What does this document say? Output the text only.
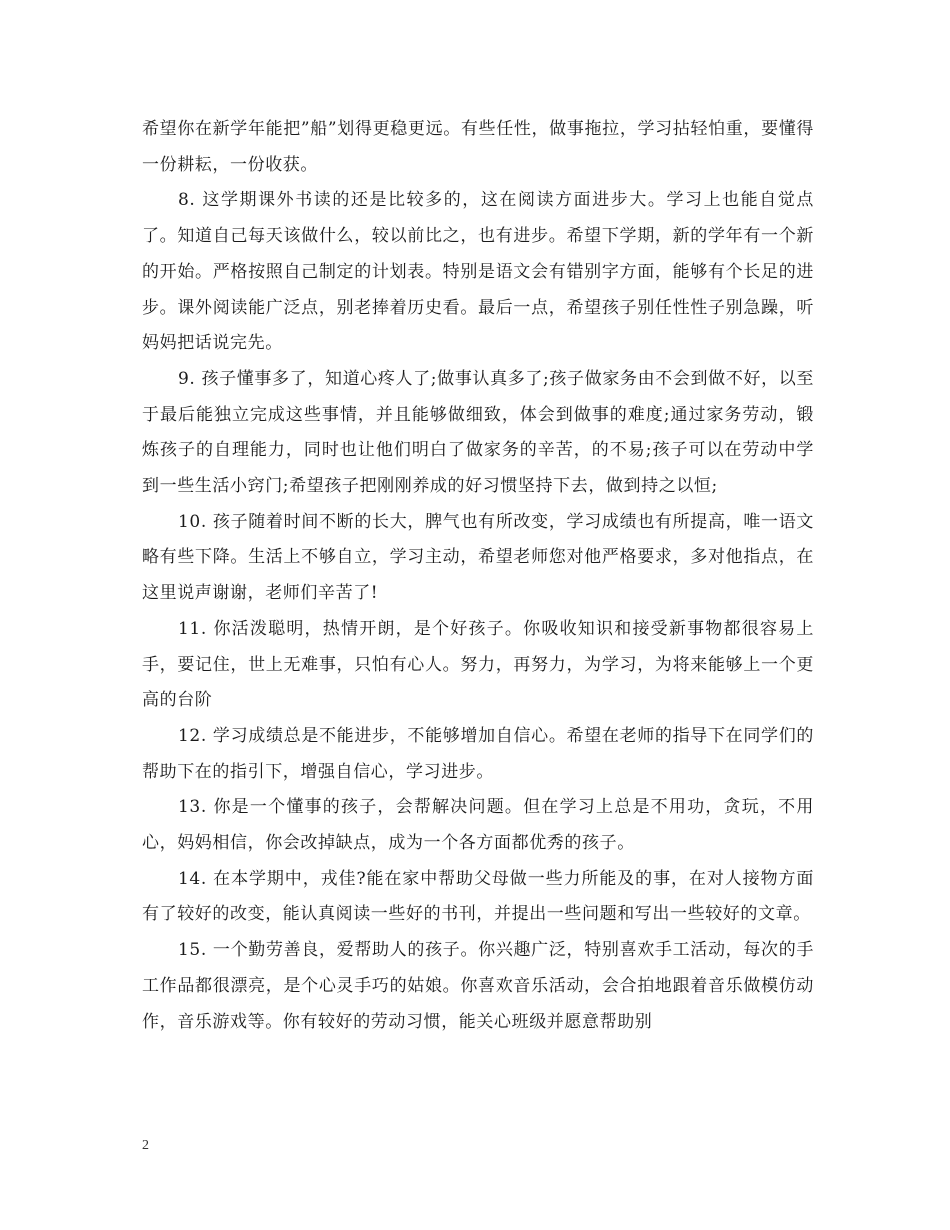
希望你在新学年能把”船”划得更稳更远。有些任性，做事拖拉，学习拈轻怕重，要懂得一份耕耘，一份收获。

8. 这学期课外书读的还是比较多的，这在阅读方面进步大。学习上也能自觉点了。知道自己每天该做什么，较以前比之，也有进步。希望下学期，新的学年有一个新的开始。严格按照自己制定的计划表。特别是语文会有错别字方面，能够有个长足的进步。课外阅读能广泛点，别老捧着历史看。最后一点，希望孩子别任性性子别急躁，听妈妈把话说完先。

9. 孩子懂事多了，知道心疼人了;做事认真多了;孩子做家务由不会到做不好，以至于最后能独立完成这些事情，并且能够做细致，体会到做事的难度;通过家务劳动，锻炼孩子的自理能力，同时也让他们明白了做家务的辛苦，的不易;孩子可以在劳动中学到一些生活小窍门;希望孩子把刚刚养成的好习惯坚持下去，做到持之以恒;

10. 孩子随着时间不断的长大，脾气也有所改变，学习成绩也有所提高，唯一语文略有些下降。生活上不够自立，学习主动，希望老师您对他严格要求，多对他指点，在这里说声谢谢，老师们辛苦了!

11. 你活泼聪明，热情开朗，是个好孩子。你吸收知识和接受新事物都很容易上手，要记住，世上无难事，只怕有心人。努力，再努力，为学习，为将来能够上一个更高的台阶

12. 学习成绩总是不能进步，不能够增加自信心。希望在老师的指导下在同学们的帮助下在的指引下，增强自信心，学习进步。

13. 你是一个懂事的孩子，会帮解决问题。但在学习上总是不用功，贪玩，不用心，妈妈相信，你会改掉缺点，成为一个各方面都优秀的孩子。

14. 在本学期中，戎佳?能在家中帮助父母做一些力所能及的事，在对人接物方面有了较好的改变，能认真阅读一些好的书刊，并提出一些问题和写出一些较好的文章。

15. 一个勤劳善良，爱帮助人的孩子。你兴趣广泛，特别喜欢手工活动，每次的手工作品都很漂亮，是个心灵手巧的姑娘。你喜欢音乐活动，会合拍地跟着音乐做模仿动作，音乐游戏等。你有较好的劳动习惯，能关心班级并愿意帮助别

2
